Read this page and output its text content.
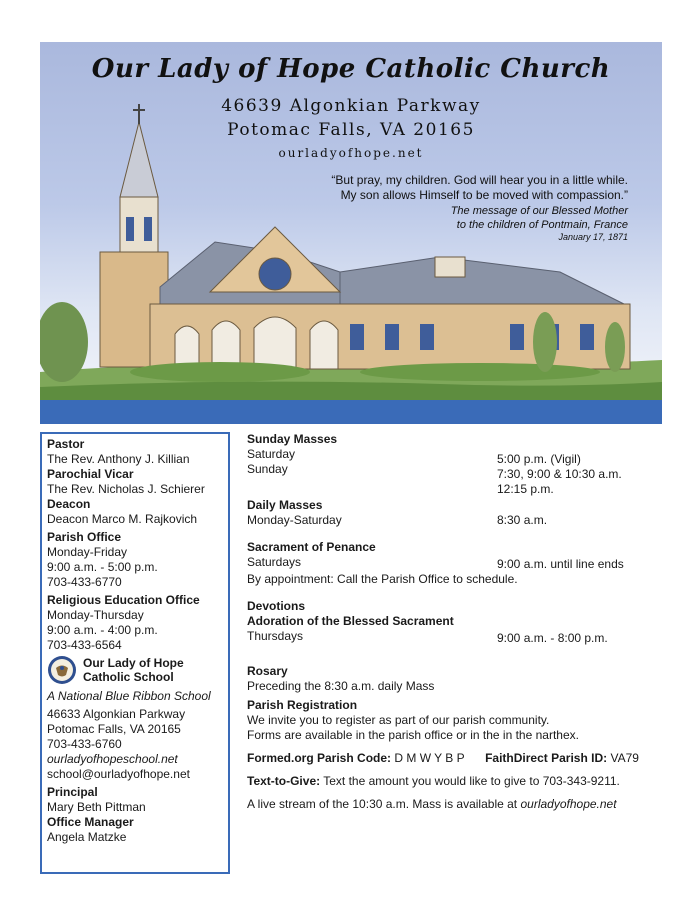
Our Lady of Hope Catholic Church
46639 Algonkian Parkway
Potomac Falls, VA 20165
ourladyofhope.net
“But pray, my children. God will hear you in a little while.
My son allows Himself to be moved with compassion.”
The message of our Blessed Mother
to the children of Pontmain, France
January 17, 1871
Pastor
The Rev. Anthony J. Killian
Parochial Vicar
The Rev. Nicholas J. Schierer
Deacon
Deacon Marco M. Rajkovich
Parish Office
Monday-Friday
9:00 a.m. - 5:00 p.m.
703-433-6770
Religious Education Office
Monday-Thursday
9:00 a.m. - 4:00 p.m.
703-433-6564
Our Lady of Hope
Catholic School
A National Blue Ribbon School
46633 Algonkian Parkway
Potomac Falls, VA 20165
703-433-6760
ourladyofhopeschool.net
school@ourladyofhope.net
Principal
Mary Beth Pittman
Office Manager
Angela Matzke
Sunday Masses
Saturday	5:00 p.m. (Vigil)
Sunday	7:30, 9:00 & 10:30 a.m.
12:15 p.m.
Daily Masses
Monday-Saturday	8:30 a.m.
Sacrament of Penance
Saturdays	9:00 a.m. until line ends
By appointment: Call the Parish Office to schedule.
Devotions
Adoration of the Blessed Sacrament
Thursdays	9:00 a.m. - 8:00 p.m.
Rosary
Preceding the 8:30 a.m. daily Mass
Parish Registration
We invite you to register as part of our parish community.
Forms are available in the parish office or in the in the narthex.
Formed.org Parish Code: D M W Y B P FaithDirect Parish ID: VA79
Text-to-Give: Text the amount you would like to give to 703-343-9211.
A live stream of the 10:30 a.m. Mass is available at ourladyofhope.net
